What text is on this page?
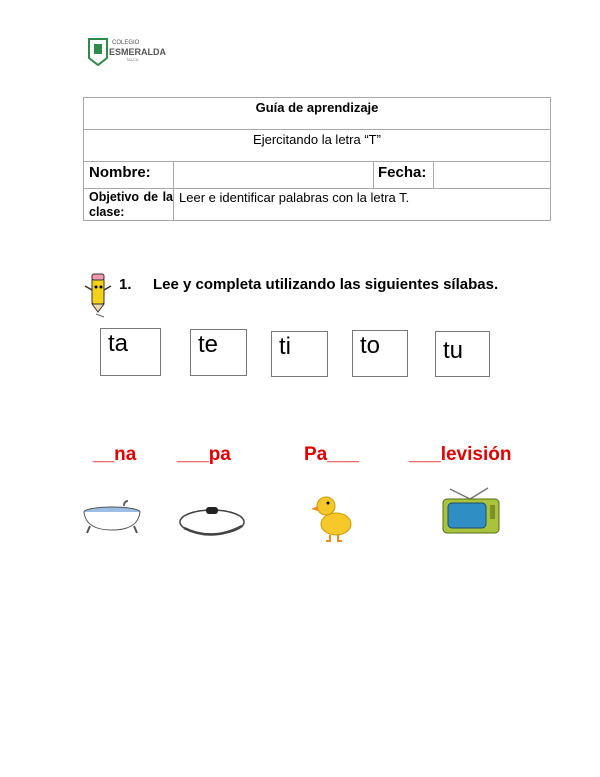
COLEGIO
ESMERALDA
TALCA
Guía de aprendizaje
Ejercitando la letra “T”
Nombre:	Fecha:
Objetivo de la clase:
Leer e identificar palabras con la letra T.
1. Lee y completa utilizando las siguientes sílabas.
ta	te	ti	to	tu
__na ___pa	Pa___	___levisión
